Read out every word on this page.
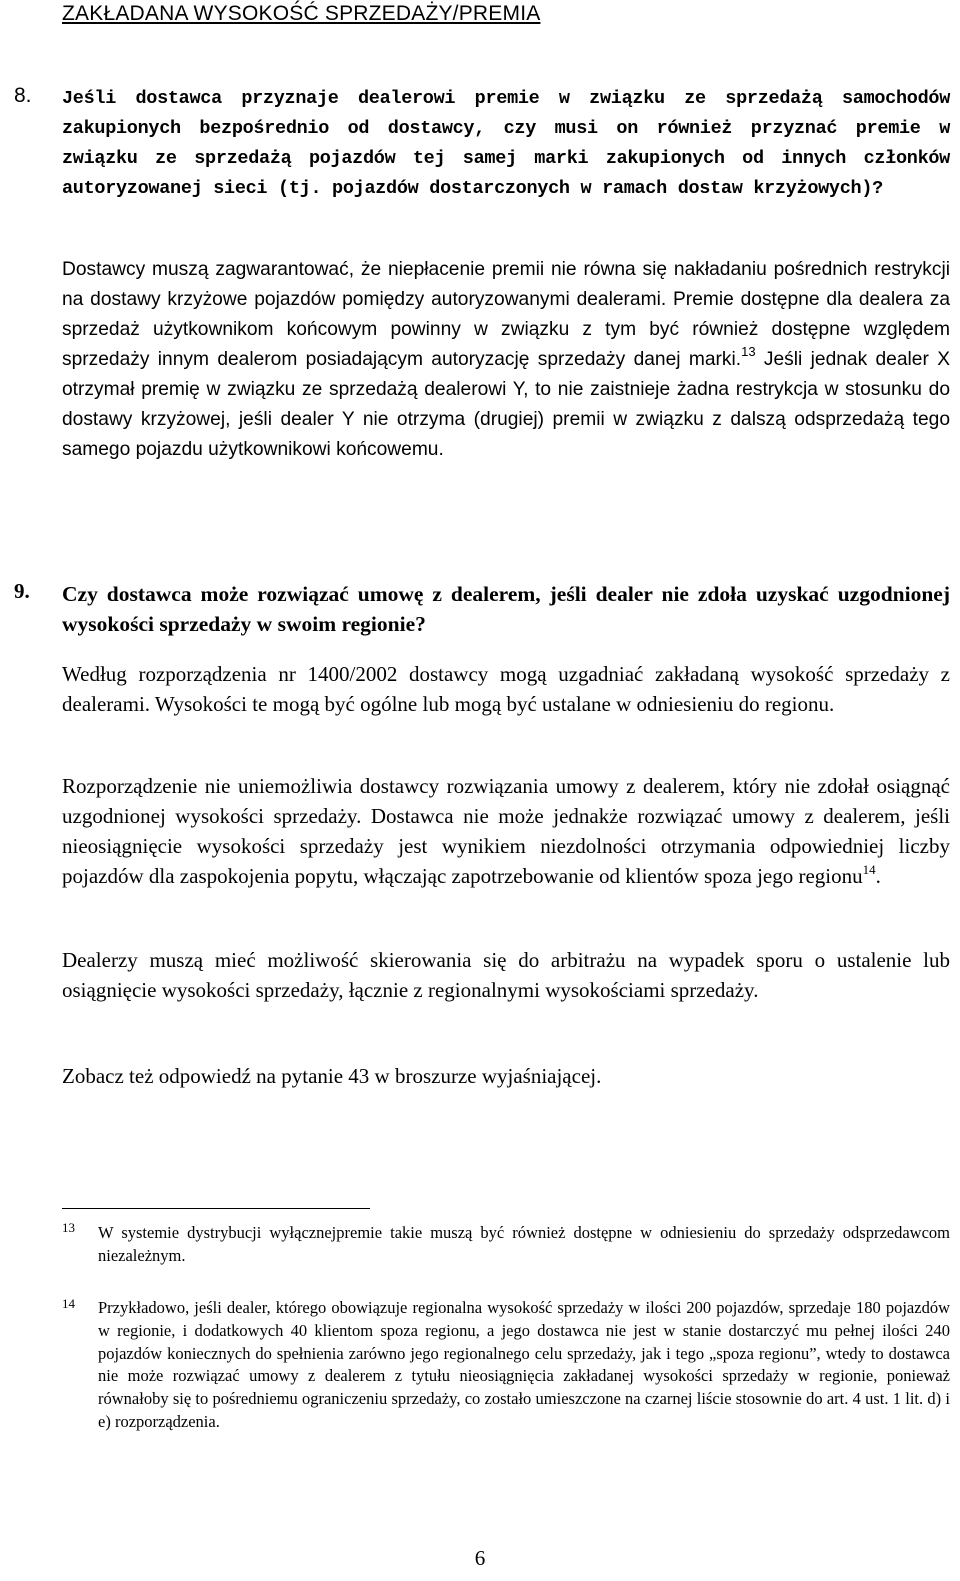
ZAKŁADANA WYSOKOŚĆ SPRZEDAŻY/PREMIA
8. Jeśli dostawca przyznaje dealerowi premie w związku ze sprzedażą samochodów zakupionych bezpośrednio od dostawcy, czy musi on również przyznać premie w związku ze sprzedażą pojazdów tej samej marki zakupionych od innych członków autoryzowanej sieci (tj. pojazdów dostarczonych w ramach dostaw krzyżowych)?
Dostawcy muszą zagwarantować, że niepłacenie premii nie równa się nakładaniu pośrednich restrykcji na dostawy krzyżowe pojazdów pomiędzy autoryzowanymi dealerami. Premie dostępne dla dealera za sprzedaż użytkownikom końcowym powinny w związku z tym być również dostępne względem sprzedaży innym dealerom posiadającym autoryzację sprzedaży danej marki.$^{13}$ Jeśli jednak dealer X otrzymał premię w związku ze sprzedażą dealerowi Y, to nie zaistnieje żadna restrykcja w stosunku do dostawy krzyżowej, jeśli dealer Y nie otrzyma (drugiej) premii w związku z dalszą odsprzedażą tego samego pojazdu użytkownikowi końcowemu.
9. Czy dostawca może rozwiązać umowę z dealerem, jeśli dealer nie zdoła uzyskać uzgodnionej wysokości sprzedaży w swoim regionie?
Według rozporządzenia nr 1400/2002 dostawcy mogą uzgadniać zakładaną wysokość sprzedaży z dealerami. Wysokości te mogą być ogólne lub mogą być ustalane w odniesieniu do regionu.
Rozporządzenie nie uniemożliwia dostawcy rozwiązania umowy z dealerem, który nie zdołał osiągnąć uzgodnionej wysokości sprzedaży. Dostawca nie może jednakże rozwiązać umowy z dealerem, jeśli nieosiągnięcie wysokości sprzedaży jest wynikiem niezdolności otrzymania odpowiedniej liczby pojazdów dla zaspokojenia popytu, włączając zapotrzebowanie od klientów spoza jego regionu$^{14}$.
Dealerzy muszą mieć możliwość skierowania się do arbitrażu na wypadek sporu o ustalenie lub osiągnięcie wysokości sprzedaży, łącznie z regionalnymi wysokościami sprzedaży.
Zobacz też odpowiedź na pytanie 43 w broszurze wyjaśniającej.
13 W systemie dystrybucji wyłącznejpremie takie muszą być również dostępne w odniesieniu do sprzedaży odsprzedawcom niezależnym.
14 Przykładowo, jeśli dealer, którego obowiązuje regionalna wysokość sprzedaży w ilości 200 pojazdów, sprzedaje 180 pojazdów w regionie, i dodatkowych 40 klientom spoza regionu, a jego dostawca nie jest w stanie dostarczyć mu pełnej ilości 240 pojazdów koniecznych do spełnienia zarówno jego regionalnego celu sprzedaży, jak i tego „spoza regionu”, wtedy to dostawca nie może rozwiązać umowy z dealerem z tytułu nieosiągnięcia zakładanej wysokości sprzedaży w regionie, ponieważ równałoby się to pośredniemu ograniczeniu sprzedaży, co zostało umieszczone na czarnej liście stosownie do art. 4 ust. 1 lit. d) i e) rozporządzenia.
6
